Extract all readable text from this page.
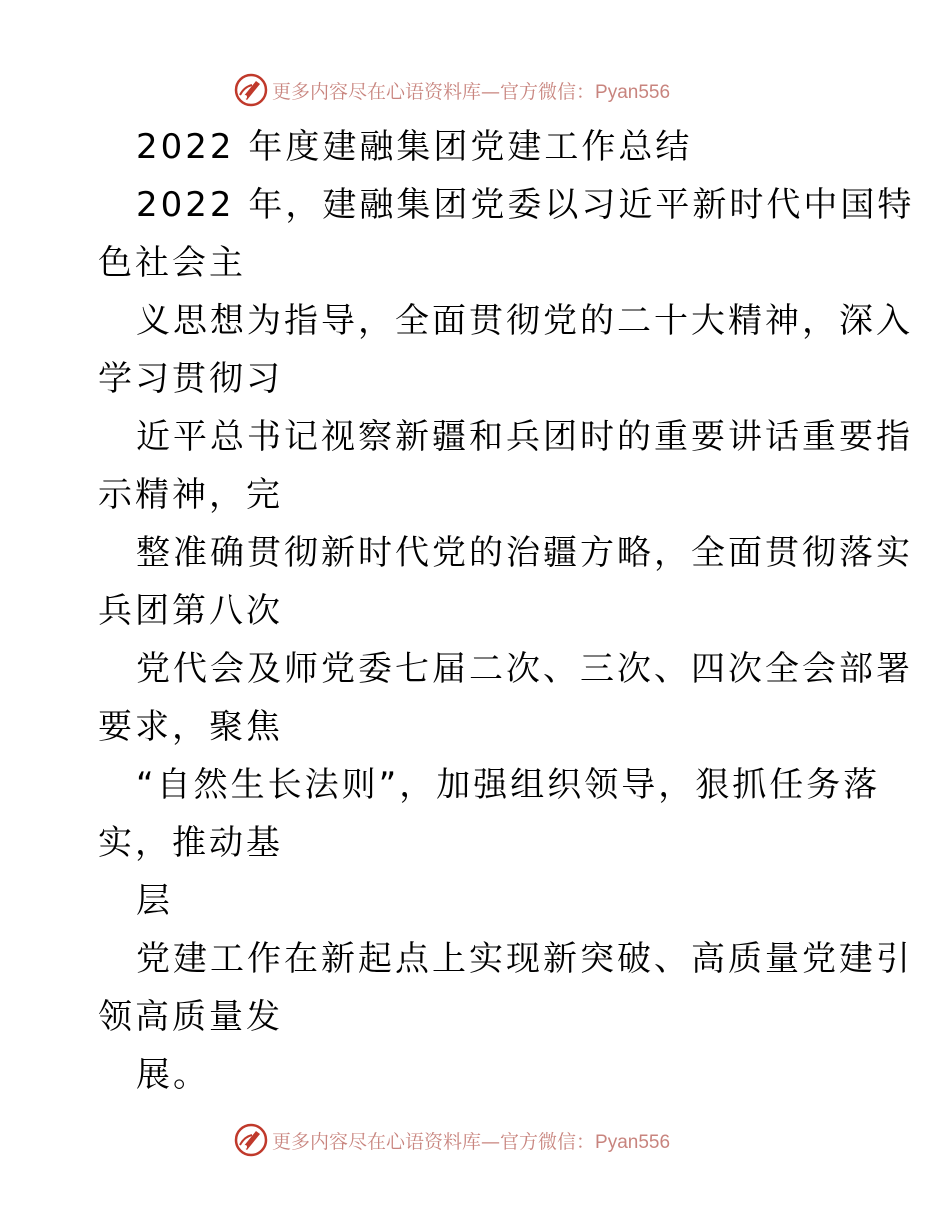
更多内容尽在心语资料库—官方微信：Pyan556
2022 年度建融集团党建工作总结
2022 年，建融集团党委以习近平新时代中国特
色社会主
义思想为指导，全面贯彻党的二十大精神，深入
学习贯彻习
近平总书记视察新疆和兵团时的重要讲话重要指
示精神，完
整准确贯彻新时代党的治疆方略，全面贯彻落实
兵团第八次
党代会及师党委七届二次、三次、四次全会部署
要求，聚焦
“自然生长法则”，加强组织领导，狠抓任务落
实，推动基
层
党建工作在新起点上实现新突破、高质量党建引
领高质量发
展。
更多内容尽在心语资料库—官方微信：Pyan556
